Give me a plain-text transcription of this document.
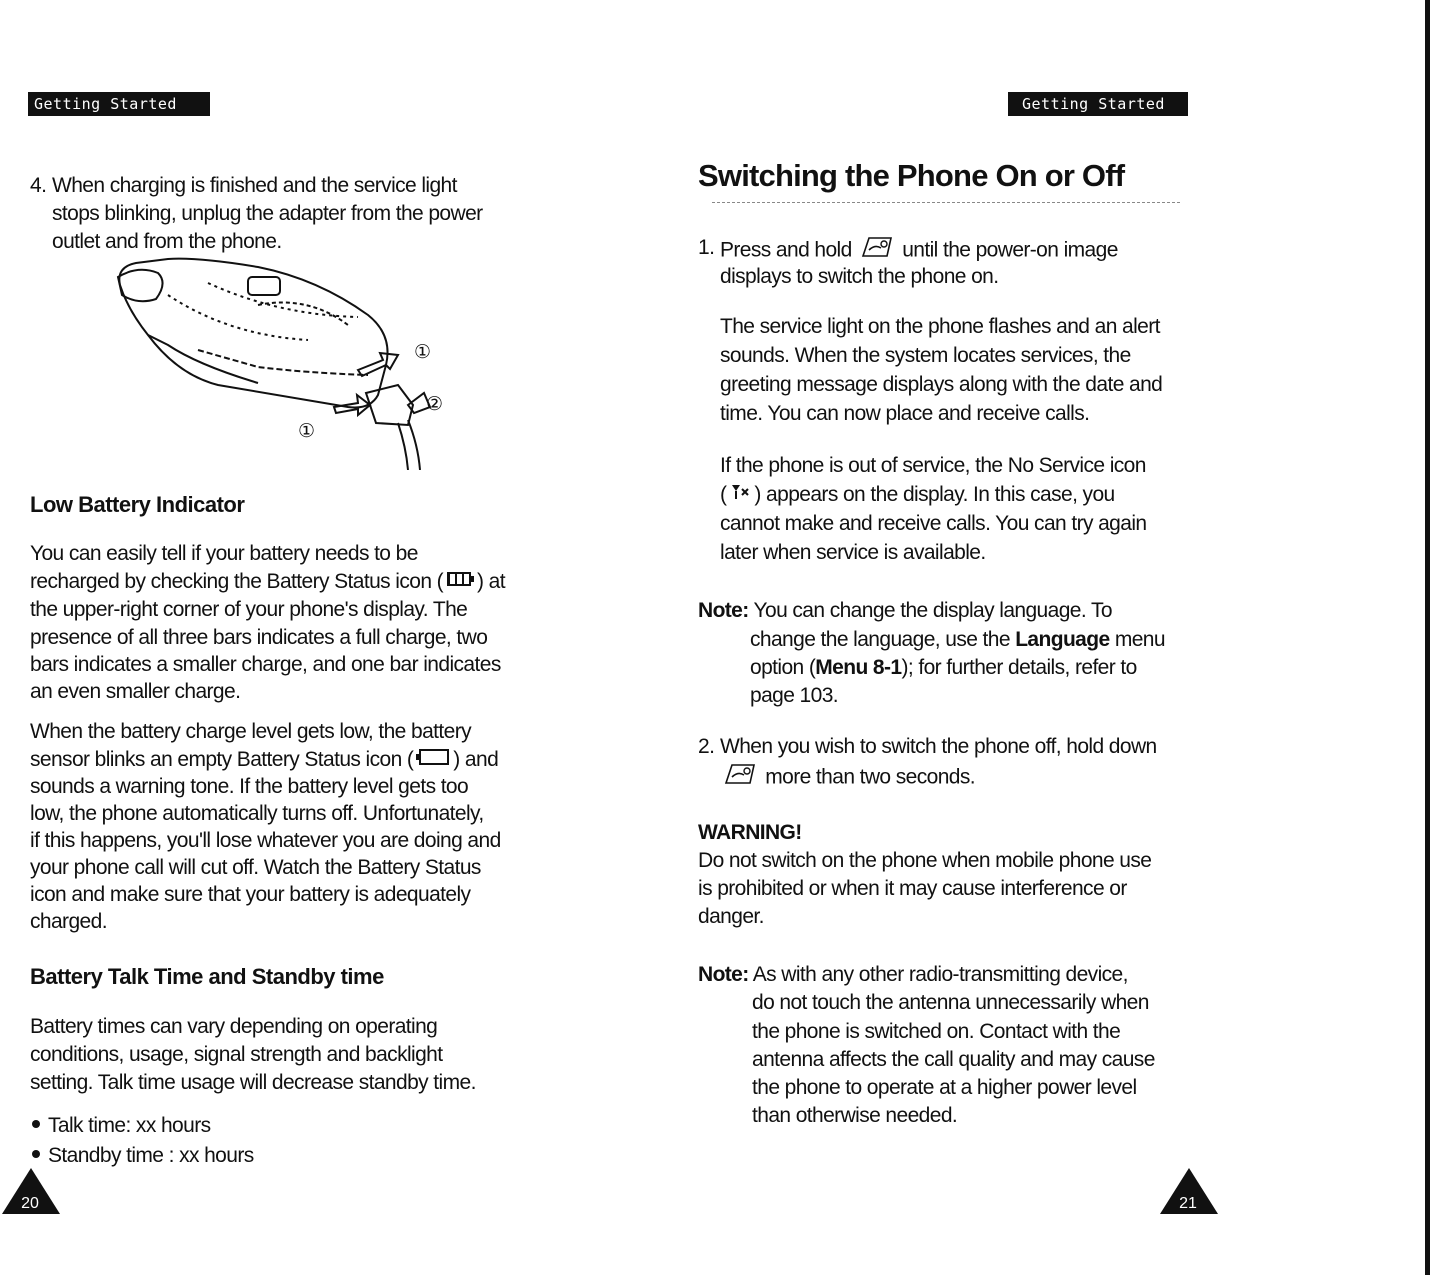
Getting Started
4. When charging is finished and the service light
stops blinking, unplug the adapter from the power
outlet and from the phone.
①
②
①
Low Battery Indicator
You can easily tell if your battery needs to be
recharged by checking the Battery Status icon ( ) at
the upper-right corner of your phone's display. The
presence of all three bars indicates a full charge, two
bars indicates a smaller charge, and one bar indicates
an even smaller charge.
When the battery charge level gets low, the battery
sensor blinks an empty Battery Status icon ( ) and
sounds a warning tone. If the battery level gets too
low, the phone automatically turns off. Unfortunately,
if this happens, you'll lose whatever you are doing and
your phone call will cut off. Watch the Battery Status
icon and make sure that your battery is adequately
charged.
Battery Talk Time and Standby time
Battery times can vary depending on operating
conditions, usage, signal strength and backlight
setting. Talk time usage will decrease standby time.
Talk time: xx hours
Standby time : xx hours
20
Getting Started
Switching the Phone On or Off
1. Press and hold until the power-on image
displays to switch the phone on.
The service light on the phone flashes and an alert
sounds. When the system locates services, the
greeting message displays along with the date and
time. You can now place and receive calls.
If the phone is out of service, the No Service icon
( ) appears on the display. In this case, you
cannot make and receive calls. You can try again
later when service is available.
Note: You can change the display language. To
change the language, use the Language menu
option (Menu 8-1); for further details, refer to
page 103.
2. When you wish to switch the phone off, hold down
more than two seconds.
WARNING!
Do not switch on the phone when mobile phone use
is prohibited or when it may cause interference or
danger.
Note: As with any other radio-transmitting device,
do not touch the antenna unnecessarily when
the phone is switched on. Contact with the
antenna affects the call quality and may cause
the phone to operate at a higher power level
than otherwise needed.
21
